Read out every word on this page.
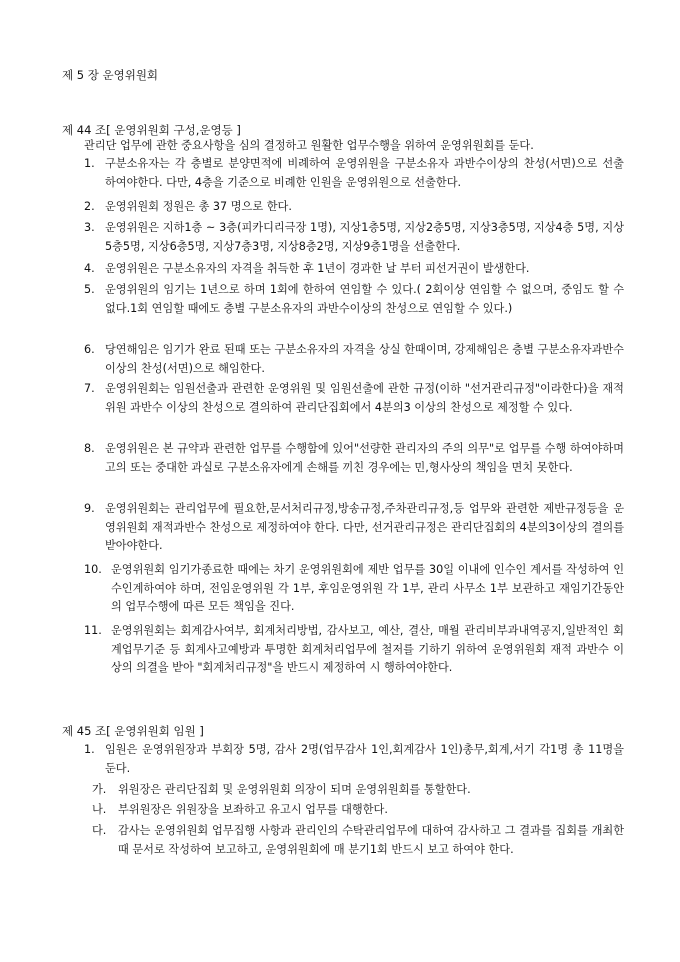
제 5 장 운영위원회
제 44 조[ 운영위원회 구성,운영등 ]
관리단 업무에 관한 중요사항을 심의 결정하고 원활한 업무수행을 위하여 운영위원회를 둔다.
1. 구분소유자는 각 층별로 분양면적에 비례하여 운영위원을 구분소유자 과반수이상의 찬성(서면)으로 선출 하여야한다. 다만, 4층을 기준으로 비례한 인원을 운영위원으로 선출한다.
2. 운영위원회 정원은 총 37 명으로 한다.
3. 운영위원은 지하1층 ~ 3층(피카디리극장 1명), 지상1층5명, 지상2층5명, 지상3층5명, 지상4층 5명, 지상5층5명, 지상6층5명, 지상7층3명, 지상8층2명, 지상9층1명을 선출한다.
4. 운영위원은 구분소유자의 자격을 취득한 후 1년이 경과한 날 부터 피선거권이 발생한다.
5. 운영위원의 임기는 1년으로 하며 1회에 한하여 연임할 수 있다.( 2회이상 연임할 수 없으며, 중임도 할 수 없다.1회 연임할 때에도 층별 구분소유자의 과반수이상의 찬성으로 연임할 수 있다.)
6. 당연해임은 임기가 완료 된때 또는 구분소유자의 자격을 상실 한때이며, 강제해임은 층별 구분소유자과반수이상의 찬성(서면)으로 해임한다.
7. 운영위원회는 임원선출과 관련한 운영위원 및 임원선출에 관한 규정(이하 "선거관리규정"이라한다)을 재적위원 과반수 이상의 찬성으로 결의하여 관리단집회에서 4분의3 이상의 찬성으로 제정할 수 있다.
8. 운영위원은 본 규약과 관련한 업무를 수행함에 있어"선량한 관리자의 주의 의무"로 업무를 수행 하여야하며 고의 또는 중대한 과실로 구분소유자에게 손해를 끼친 경우에는 민,형사상의 책임을 면치 못한다.
9. 운영위원회는 관리업무에 필요한,문서처리규정,방송규정,주차관리규정,등 업무와 관련한 제반규정등을 운영위원회 재적과반수 찬성으로 제정하여야 한다. 다만, 선거관리규정은 관리단집회의 4분의3이상의 결의를 받아야한다.
10. 운영위원회 임기가종료한 때에는 차기 운영위원회에 제반 업무를 30일 이내에 인수인 계서를 작성하여 인수인계하여야 하며, 전임운영위원 각 1부, 후임운영위원 각 1부, 관리 사무소 1부 보관하고 재임기간동안의 업무수행에 따른 모든 책임을 진다.
11. 운영위원회는 회계감사여부, 회계처리방법, 감사보고, 예산, 결산, 매월 관리비부과내역공지,일반적인 회계업무기준 등 회계사고예방과 투명한 회계처리업무에 철저를 기하기 위하여 운영위원회 재적 과반수 이상의 의결을 받아 "회계처리규정"을 반드시 제정하여 시 행하여야한다.
제 45 조[ 운영위원회 임원 ]
1. 임원은 운영위원장과 부회장 5명, 감사 2명(업무감사 1인,회계감사 1인)총무,회계,서기 각1명 총 11명을 둔다.
가.	위원장은 관리단집회 및 운영위원회 의장이 되며 운영위원회를 통할한다.
나.	부위원장은 위원장을 보좌하고 유고시 업무를 대행한다.
다.	감사는 운영위원회 업무집행 사항과 관리인의 수탁관리업무에 대하여 감사하고 그 결과를 집회를 개최한때 문서로 작성하여 보고하고, 운영위원회에 매 분기1회 반드시 보고 하여야 한다.
